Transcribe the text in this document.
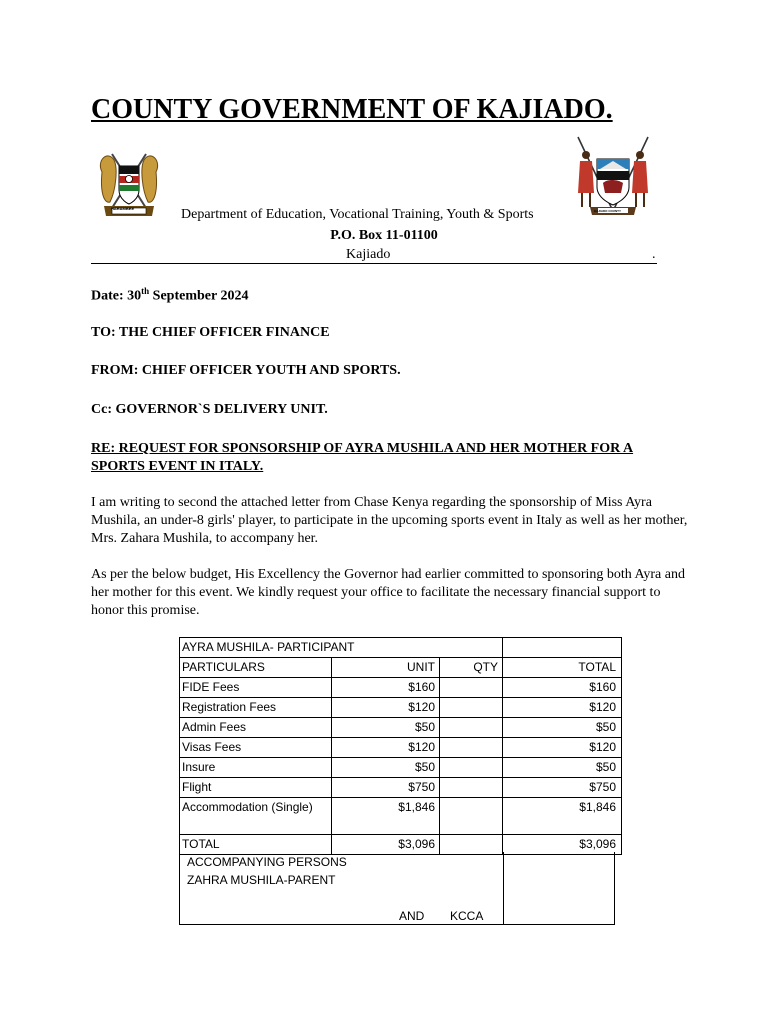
COUNTY GOVERNMENT OF KAJIADO.
HARAMBEE	KAJIADO COUNTY
Department of Education, Vocational Training, Youth & Sports
P.O. Box 11-01100
Kajiado	.
Date: 30th September 2024
TO: THE CHIEF OFFICER FINANCE
FROM: CHIEF OFFICER YOUTH AND SPORTS.
Cc: GOVERNOR`S DELIVERY UNIT.
RE: REQUEST FOR SPONSORSHIP OF AYRA MUSHILA AND HER MOTHER FOR A SPORTS EVENT IN ITALY.
I am writing to second the attached letter from Chase Kenya regarding the sponsorship of Miss Ayra Mushila, an under-8 girls' player, to participate in the upcoming sports event in Italy as well as her mother, Mrs. Zahara Mushila, to accompany her.
As per the below budget, His Excellency the Governor had earlier committed to sponsoring both Ayra and her mother for this event. We kindly request your office to facilitate the necessary financial support to honor this promise.
AYRA MUSHILA- PARTICIPANT			
PARTICULARS	UNIT	QTY	TOTAL
FIDE Fees	$160		$160
Registration Fees	$120		$120
Admin Fees	$50		$50
Visas Fees	$120		$120
Insure	$50		$50
Flight	$750		$750
Accommodation (Single)	$1,846		$1,846
TOTAL	$3,096		$3,096
ACCOMPANYING PERSONS
ZAHRA MUSHILA-PARENT
AND KCCA
